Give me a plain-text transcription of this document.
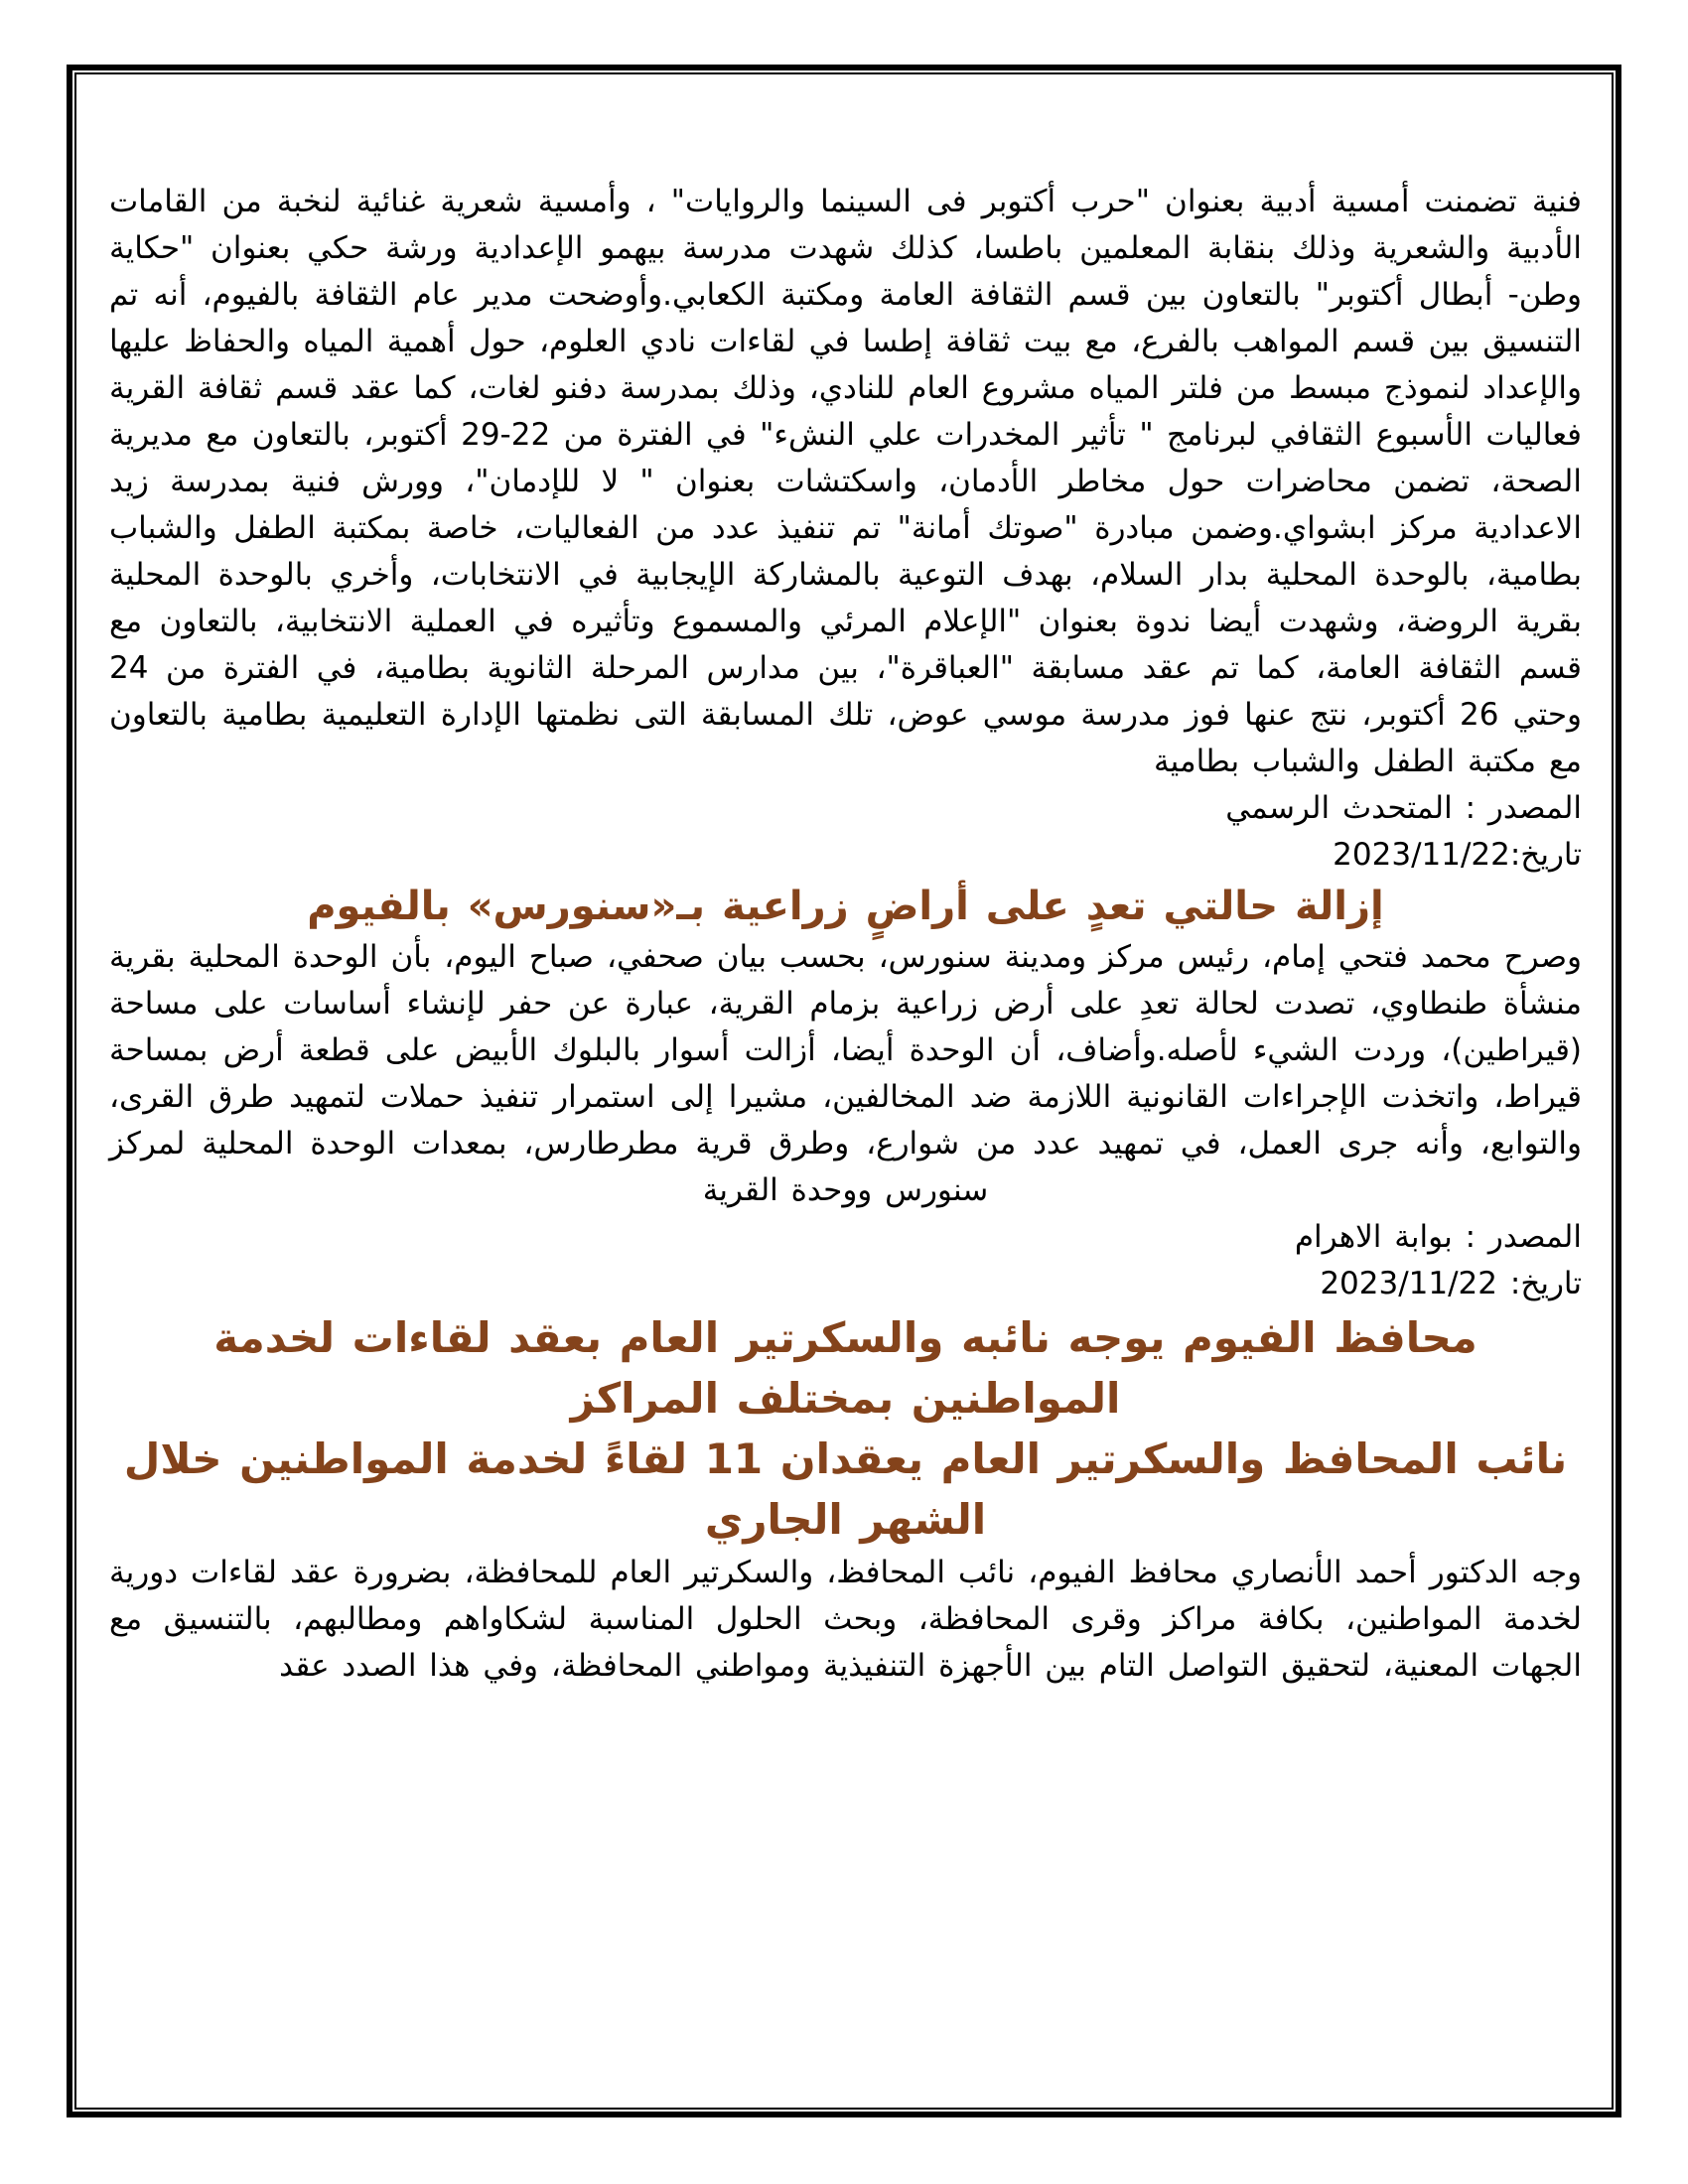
فنية تضمنت أمسية أدبية بعنوان "حرب أكتوبر فى السينما والروايات" ، وأمسية شعرية غنائية لنخبة من القامات الأدبية والشعرية وذلك بنقابة المعلمين باطسا، كذلك شهدت مدرسة بيهمو الإعدادية ورشة حكي بعنوان "حكاية وطن- أبطال أكتوبر" بالتعاون بين قسم الثقافة العامة ومكتبة الكعابي.وأوضحت مدير عام الثقافة بالفيوم، أنه تم التنسيق بين قسم المواهب بالفرع، مع بيت ثقافة إطسا في لقاءات نادي العلوم، حول أهمية المياه والحفاظ عليها والإعداد لنموذج مبسط من فلتر المياه مشروع العام للنادي، وذلك بمدرسة دفنو لغات، كما عقد قسم ثقافة القرية فعاليات الأسبوع الثقافي لبرنامج " تأثير المخدرات علي النشء" في الفترة من 22-29 أكتوبر، بالتعاون مع مديرية الصحة، تضمن محاضرات حول مخاطر الأدمان، واسكتشات بعنوان " لا للإدمان"، وورش فنية بمدرسة زيد الاعدادية مركز ابشواي.وضمن مبادرة "صوتك أمانة" تم تنفيذ عدد من الفعاليات، خاصة بمكتبة الطفل والشباب بطامية، بالوحدة المحلية بدار السلام، بهدف التوعية بالمشاركة الإيجابية في الانتخابات، وأخري بالوحدة المحلية بقرية الروضة، وشهدت أيضا ندوة بعنوان "الإعلام المرئي والمسموع وتأثيره في العملية الانتخابية، بالتعاون مع قسم الثقافة العامة، كما تم عقد مسابقة "العباقرة"، بين مدارس المرحلة الثانوية بطامية، في الفترة من 24 وحتي 26 أكتوبر، نتج عنها فوز مدرسة موسي عوض، تلك المسابقة التى نظمتها الإدارة التعليمية بطامية بالتعاون مع مكتبة الطفل والشباب بطامية

المصدر : المتحدث الرسمي

تاريخ:2023/11/22

إزالة حالتي تعدٍ على أراضٍ زراعية بـ«سنورس» بالفيوم

وصرح محمد فتحي إمام، رئيس مركز ومدينة سنورس، بحسب بيان صحفي، صباح اليوم، بأن الوحدة المحلية بقرية منشأة طنطاوي، تصدت لحالة تعدِ على أرض زراعية بزمام القرية، عبارة عن حفر لإنشاء أساسات على مساحة (قيراطين)، وردت الشيء لأصله.وأضاف، أن الوحدة أيضا، أزالت أسوار بالبلوك الأبيض على قطعة أرض بمساحة قيراط، واتخذت الإجراءات القانونية اللازمة ضد المخالفين، مشيرا إلى استمرار تنفيذ حملات لتمهيد طرق القرى، والتوابع، وأنه جرى العمل، في تمهيد عدد من شوارع، وطرق قرية مطرطارس، بمعدات الوحدة المحلية لمركز سنورس ووحدة القرية

المصدر : بوابة الاهرام

تاريخ: 2023/11/22

محافظ الفيوم يوجه نائبه والسكرتير العام بعقد لقاءات لخدمة المواطنين بمختلف المراكز

نائب المحافظ والسكرتير العام يعقدان 11 لقاءً لخدمة المواطنين خلال الشهر الجاري

وجه الدكتور أحمد الأنصاري محافظ الفيوم، نائب المحافظ، والسكرتير العام للمحافظة، بضرورة عقد لقاءات دورية لخدمة المواطنين، بكافة مراكز وقرى المحافظة، وبحث الحلول المناسبة لشكاواهم ومطالبهم، بالتنسيق مع الجهات المعنية، لتحقيق التواصل التام بين الأجهزة التنفيذية ومواطني المحافظة، وفي هذا الصدد عقد
